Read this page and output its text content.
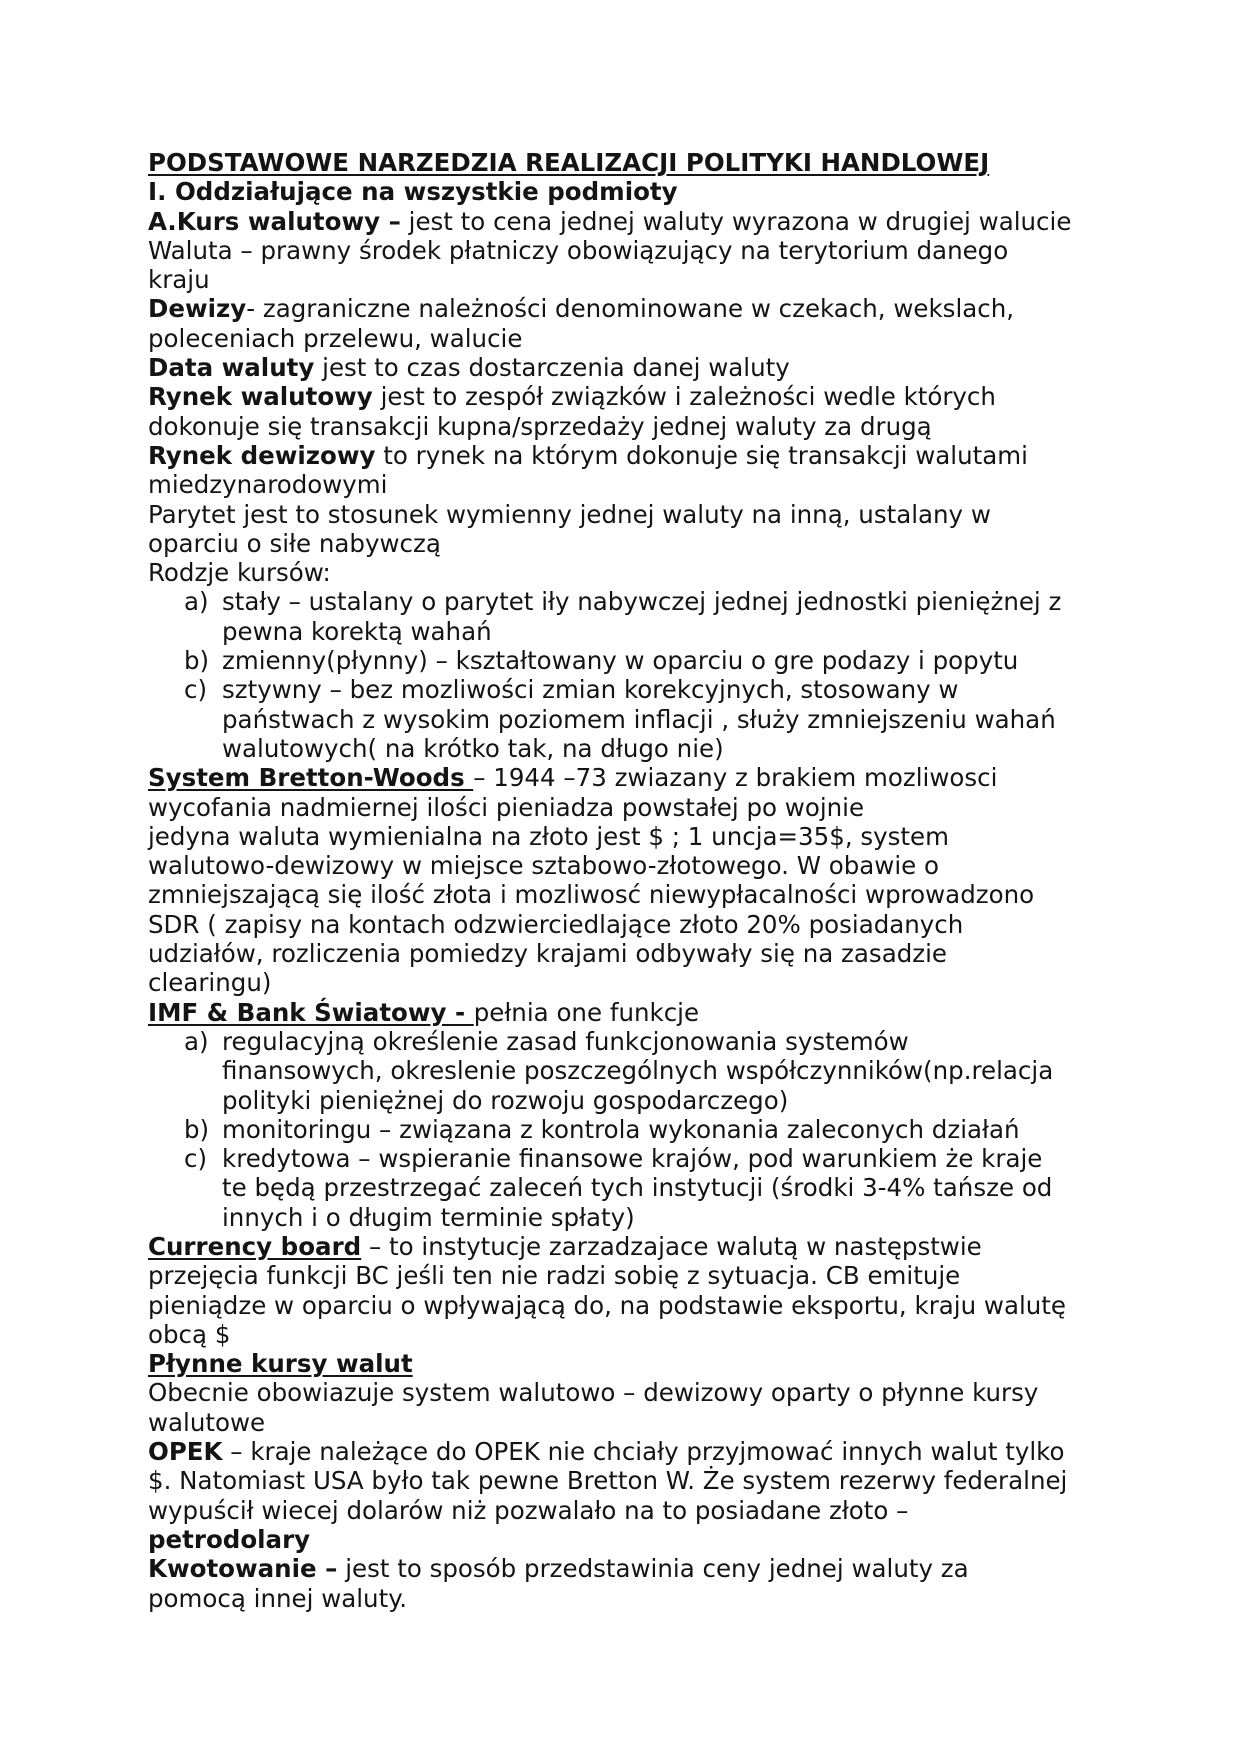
PODSTAWOWE NARZEDZIA REALIZACJI POLITYKI HANDLOWEJ
I. Oddziałujące na wszystkie podmioty
A.Kurs walutowy – jest to cena jednej waluty wyrazona w drugiej walucie
Waluta – prawny środek płatniczy obowiązujący na terytorium danego
kraju
Dewizy- zagraniczne należności denominowane w czekach, wekslach,
poleceniach przelewu, walucie
Data waluty jest to czas dostarczenia danej waluty
Rynek walutowy jest to zespół związków i zależności wedle których
dokonuje się transakcji kupna/sprzedaży jednej waluty za drugą
Rynek dewizowy to rynek na którym dokonuje się transakcji walutami
miedzynarodowymi
Parytet jest to stosunek wymienny jednej waluty na inną, ustalany w
oparciu o siłe nabywczą
Rodzje kursów:
a) stały – ustalany o parytet iły nabywczej jednej jednostki pieniężnej z
pewna korektą wahań
b) zmienny(płynny) – kształtowany w oparciu o gre podazy i popytu
c) sztywny – bez mozliwości zmian korekcyjnych, stosowany w
państwach z wysokim poziomem inflacji , służy zmniejszeniu wahań
walutowych( na krótko tak, na długo nie)
System Bretton-Woods – 1944 –73 zwiazany z brakiem mozliwosci
wycofania nadmiernej ilości pieniadza powstałej po wojnie
jedyna waluta wymienialna na złoto jest $ ; 1 uncja=35$, system
walutowo-dewizowy w miejsce sztabowo-złotowego. W obawie o
zmniejszającą się ilość złota i mozliwosć niewypłacalności wprowadzono
SDR ( zapisy na kontach odzwierciedlające złoto 20% posiadanych
udziałów, rozliczenia pomiedzy krajami odbywały się na zasadzie
clearingu)
IMF & Bank Światowy - pełnia one funkcje
a) regulacyjną określenie zasad funkcjonowania systemów
finansowych, okreslenie poszczególnych współczynników(np.relacja
polityki pieniężnej do rozwoju gospodarczego)
b) monitoringu – związana z kontrola wykonania zaleconych działań
c) kredytowa – wspieranie finansowe krajów, pod warunkiem że kraje
te będą przestrzegać zaleceń tych instytucji (środki 3-4% tańsze od
innych i o długim terminie spłaty)
Currency board – to instytucje zarzadzajace walutą w następstwie
przejęcia funkcji BC jeśli ten nie radzi sobię z sytuacja. CB emituje
pieniądze w oparciu o wpływającą do, na podstawie eksportu, kraju walutę
obcą $
Płynne kursy walut
Obecnie obowiazuje system walutowo – dewizowy oparty o płynne kursy
walutowe
OPEK – kraje należące do OPEK nie chciały przyjmować innych walut tylko
$. Natomiast USA było tak pewne Bretton W. Że system rezerwy federalnej
wypuścił wiecej dolarów niż pozwalało na to posiadane złoto –
petrodolary
Kwotowanie – jest to sposób przedstawinia ceny jednej waluty za
pomocą innej waluty.
